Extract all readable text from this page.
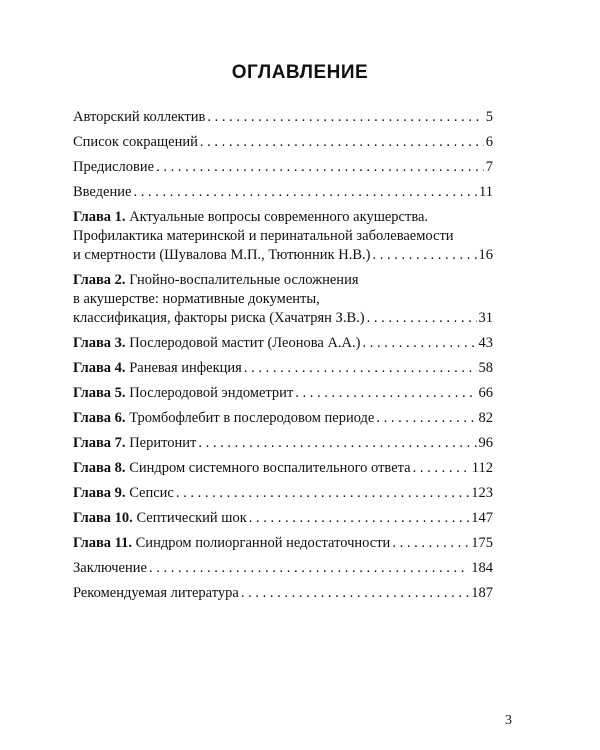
ОГЛАВЛЕНИЕ
Авторский коллектив . . .	5
Список сокращений . . .	6
Предисловие . . .	7
Введение . . .	11
Глава 1. Актуальные вопросы современного акушерства.
Профилактика материнской и перинатальной заболеваемости
и смертности (Шувалова М.П., Тютюнник Н.В.) . . .	16
Глава 2. Гнойно-воспалительные осложнения
в акушерстве: нормативные документы,
классификация, факторы риска (Хачатрян З.В.) . . .	31
Глава 3. Послеродовой мастит (Леонова А.А.) . . .	43
Глава 4. Раневая инфекция . . .	58
Глава 5. Послеродовой эндометрит . . .	66
Глава 6. Тромбофлебит в послеродовом периоде . . .	82
Глава 7. Перитонит . . .	96
Глава 8. Синдром системного воспалительного ответа . . .	112
Глава 9. Сепсис . . .	123
Глава 10. Септический шок . . .	147
Глава 11. Синдром полиорганной недостаточности . . .	175
Заключение . . .	184
Рекомендуемая литература . . .	187
3
